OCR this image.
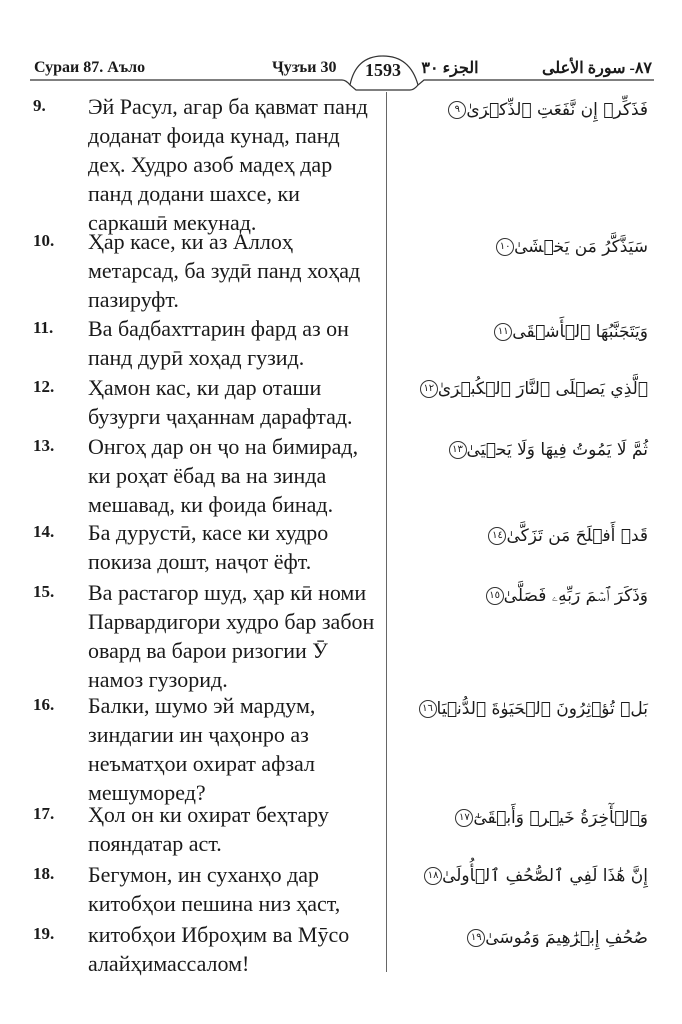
Сураи 87. Аъло	Ҷузъи 30	1593	الجزء ٣٠	٨٧- سورة الأعلى
9. Эй Расул, агар ба қавмат панд доданат фоида кунад, панд деҳ. Худро азоб мадеҳ дар панд додани шахсе, ки саркашӣ мекунад.
فَذَكِّرۡ إِن نَّفَعَتِ ٱلذِّكۡرَىٰ٩
10. Ҳар касе, ки аз Аллоҳ метарсад, ба зудӣ панд хоҳад пазируфт.
سَيَذَّكَّرُ مَن يَخۡشَىٰ١٠
11. Ва бадбахттарин фард аз он панд дурӣ хоҳад гузид.
وَيَتَجَنَّبُهَا ٱلۡأَشۡقَى١١
12. Ҳамон кас, ки дар оташи бузурги ҷаҳаннам дарафтад.
ٱلَّذِي يَصۡلَى ٱلنَّارَ ٱلۡكُبۡرَىٰ١٢
13. Онгоҳ дар он ҷо на бимирад, ки роҳат ёбад ва на зинда мешавад, ки фоида бинад.
ثُمَّ لَا يَمُوتُ فِيهَا وَلَا يَحۡيَىٰ١٣
14. Ба дурустӣ, касе ки худро покиза дошт, наҷот ёфт.
قَدۡ أَفۡلَحَ مَن تَزَكَّىٰ١٤
15. Ва растагор шуд, ҳар кӣ номи Парвардигори худро бар забон овард ва барои ризогии Ӯ намоз гузорид.
وَذَكَرَ ٱسۡمَ رَبِّهِۦ فَصَلَّىٰ١٥
16. Балки, шумо эй мардум, зиндагии ин ҷаҳонро аз неъматҳои охират афзал мешуморед?
بَلۡ تُؤۡثِرُونَ ٱلۡحَيَوٰةَ ٱلدُّنۡيَا١٦
17. Ҳол он ки охират беҳтару пояндатар аст.
وَٱلۡأٓخِرَةُ خَيۡرٞ وَأَبۡقَىٰٓ١٧
18. Бегумон, ин суханҳо дар китобҳои пешина низ ҳаст,
إِنَّ هَٰذَا لَفِي ٱلصُّحُفِ ٱلۡأُولَىٰ١٨
19. китобҳои Иброҳим ва Мӯсо алайҳимассалом!
صُحُفِ إِبۡرَٰهِيمَ وَمُوسَىٰ١٩
